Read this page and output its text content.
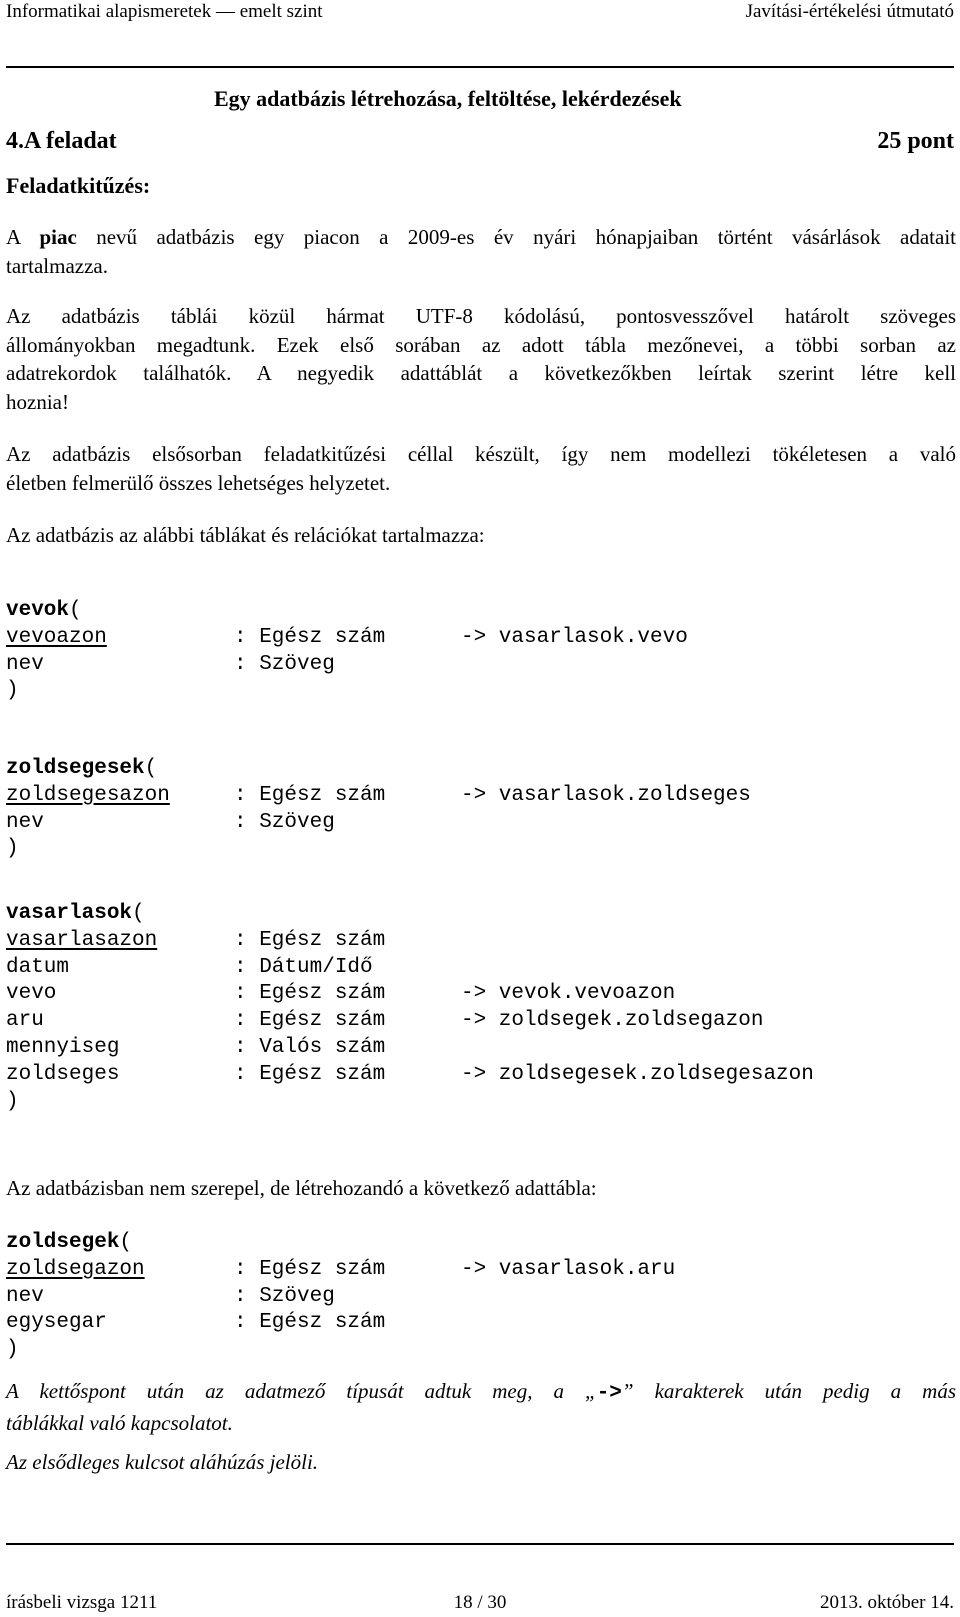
Informatikai alapismeretek — emelt szint	Javítási-értékelési útmutató
Egy adatbázis létrehozása, feltöltése, lekérdezések
4.A feladat	25 pont
Feladatkitűzés:
A piac nevű adatbázis egy piacon a 2009-es év nyári hónapjaiban történt vásárlások adatait
tartalmazza.
Az adatbázis táblái közül hármat UTF-8 kódolású, pontosvesszővel határolt szöveges
állományokban megadtunk. Ezek első sorában az adott tábla mezőnevei, a többi sorban az
adatrekordok találhatók. A negyedik adattáblát a következőkben leírtak szerint létre kell
hoznia!
Az adatbázis elsősorban feladatkitűzési céllal készült, így nem modellezi tökéletesen a való
életben felmerülő összes lehetséges helyzetet.
Az adatbázis az alábbi táblákat és relációkat tartalmazza:
vevok(
vevoazon	: Egész szám	-> vasarlasok.vevo
nev	: Szöveg
)
zoldsegesek(
zoldsegesazon	: Egész szám	-> vasarlasok.zoldseges
nev	: Szöveg
)
vasarlasok(
vasarlasazon	: Egész szám
datum	: Dátum/Idő
vevo	: Egész szám	-> vevok.vevoazon
aru	: Egész szám	-> zoldsegek.zoldsegazon
mennyiseg	: Valós szám
zoldseges	: Egész szám	-> zoldsegesek.zoldsegesazon
)
Az adatbázisban nem szerepel, de létrehozandó a következő adattábla:
zoldsegek(
zoldsegazon	: Egész szám	-> vasarlasok.aru
nev	: Szöveg
egysegar	: Egész szám
)
A kettőspont után az adatmező típusát adtuk meg, a „->” karakterek után pedig a más
táblákkal való kapcsolatot.
Az elsődleges kulcsot aláhúzás jelöli.
írásbeli vizsga 1211	18 / 30	2013. október 14.
